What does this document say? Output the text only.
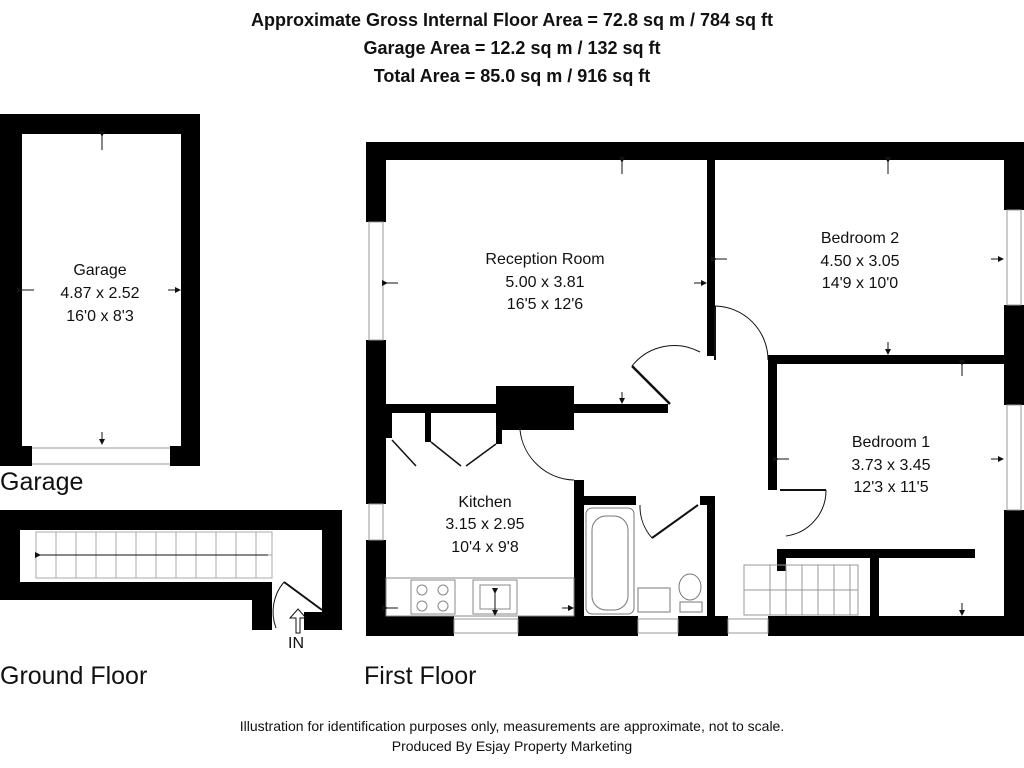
Approximate Gross Internal Floor Area = 72.8 sq m / 784 sq ft
Garage Area = 12.2 sq m / 132 sq ft
Total Area = 85.0 sq m / 916 sq ft
Garage
4.87 x 2.52
16'0 x 8'3
Reception Room
5.00 x 3.81
16'5 x 12'6
Bedroom 2
4.50 x 3.05
14'9 x 10'0
Bedroom 1
3.73 x 3.45
12'3 x 11'5
Kitchen
3.15 x 2.95
10'4 x 9'8
IN
Garage
Ground Floor	First Floor
Illustration for identification purposes only, measurements are approximate, not to scale.
Produced By Esjay Property Marketing
